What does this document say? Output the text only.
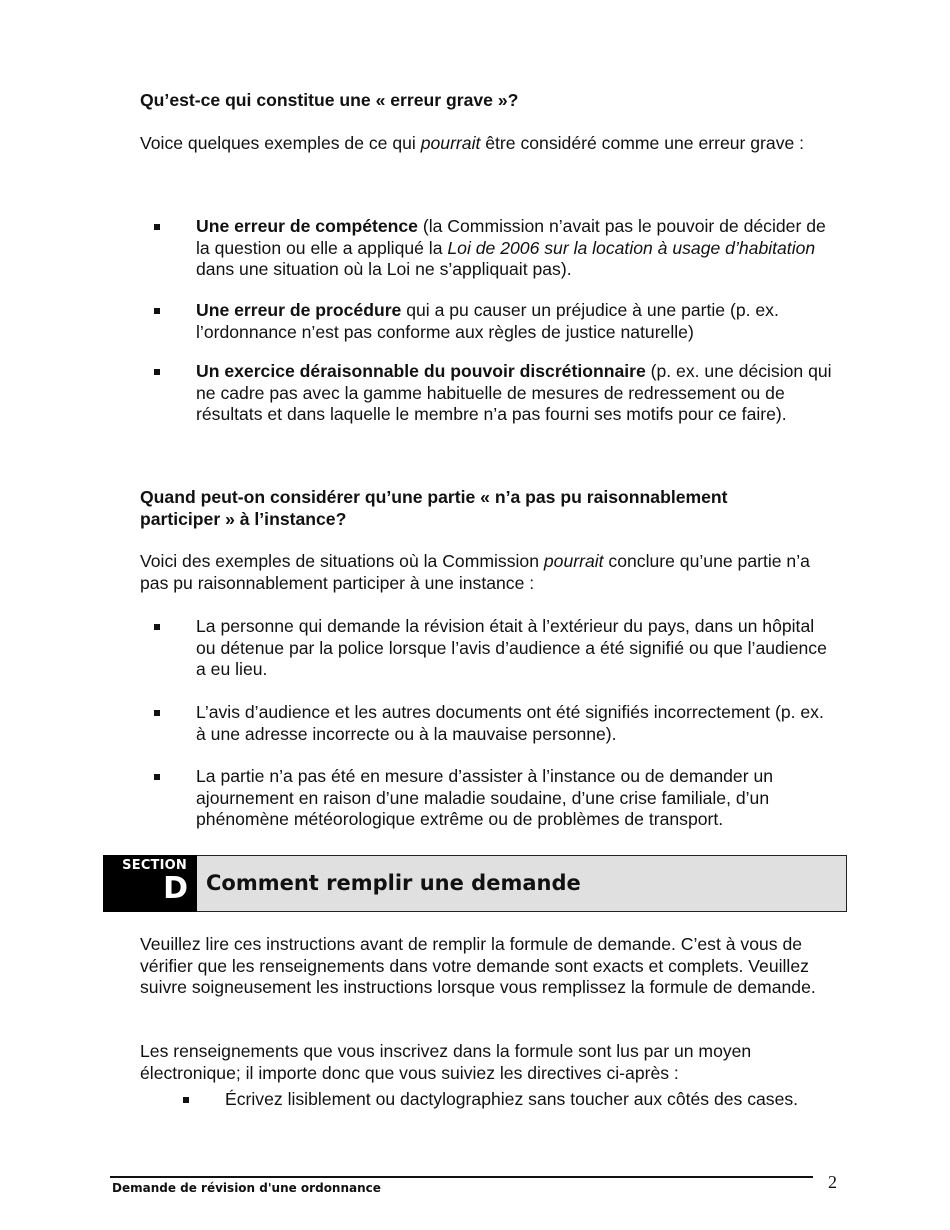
Qu’est-ce qui constitue une « erreur grave »?

Voice quelques exemples de ce qui pourrait être considéré comme une erreur grave :

Une erreur de compétence (la Commission n’avait pas le pouvoir de décider de la question ou elle a appliqué la Loi de 2006 sur la location à usage d’habitation dans une situation où la Loi ne s’appliquait pas).
Une erreur de procédure qui a pu causer un préjudice à une partie (p. ex. l’ordonnance n’est pas conforme aux règles de justice naturelle)
Un exercice déraisonnable du pouvoir discrétionnaire (p. ex. une décision qui ne cadre pas avec la gamme habituelle de mesures de redressement ou de résultats et dans laquelle le membre n’a pas fourni ses motifs pour ce faire).

Quand peut-on considérer qu’une partie « n’a pas pu raisonnablement participer » à l’instance?

Voici des exemples de situations où la Commission pourrait conclure qu’une partie n’a pas pu raisonnablement participer à une instance :

La personne qui demande la révision était à l’extérieur du pays, dans un hôpital ou détenue par la police lorsque l’avis d’audience a été signifié ou que l’audience a eu lieu.
L’avis d’audience et les autres documents ont été signifiés incorrectement (p. ex. à une adresse incorrecte ou à la mauvaise personne).
La partie n’a pas été en mesure d’assister à l’instance ou de demander un ajournement en raison d’une maladie soudaine, d’une crise familiale, d’un phénomène météorologique extrême ou de problèmes de transport.
SECTION
D Comment remplir une demande

Veuillez lire ces instructions avant de remplir la formule de demande. C’est à vous de vérifier que les renseignements dans votre demande sont exacts et complets. Veuillez suivre soigneusement les instructions lorsque vous remplissez la formule de demande.

Les renseignements que vous inscrivez dans la formule sont lus par un moyen électronique; il importe donc que vous suiviez les directives ci-après :

Écrivez lisiblement ou dactylographiez sans toucher aux côtés des cases.
Demande de révision d'une ordonnance	2
